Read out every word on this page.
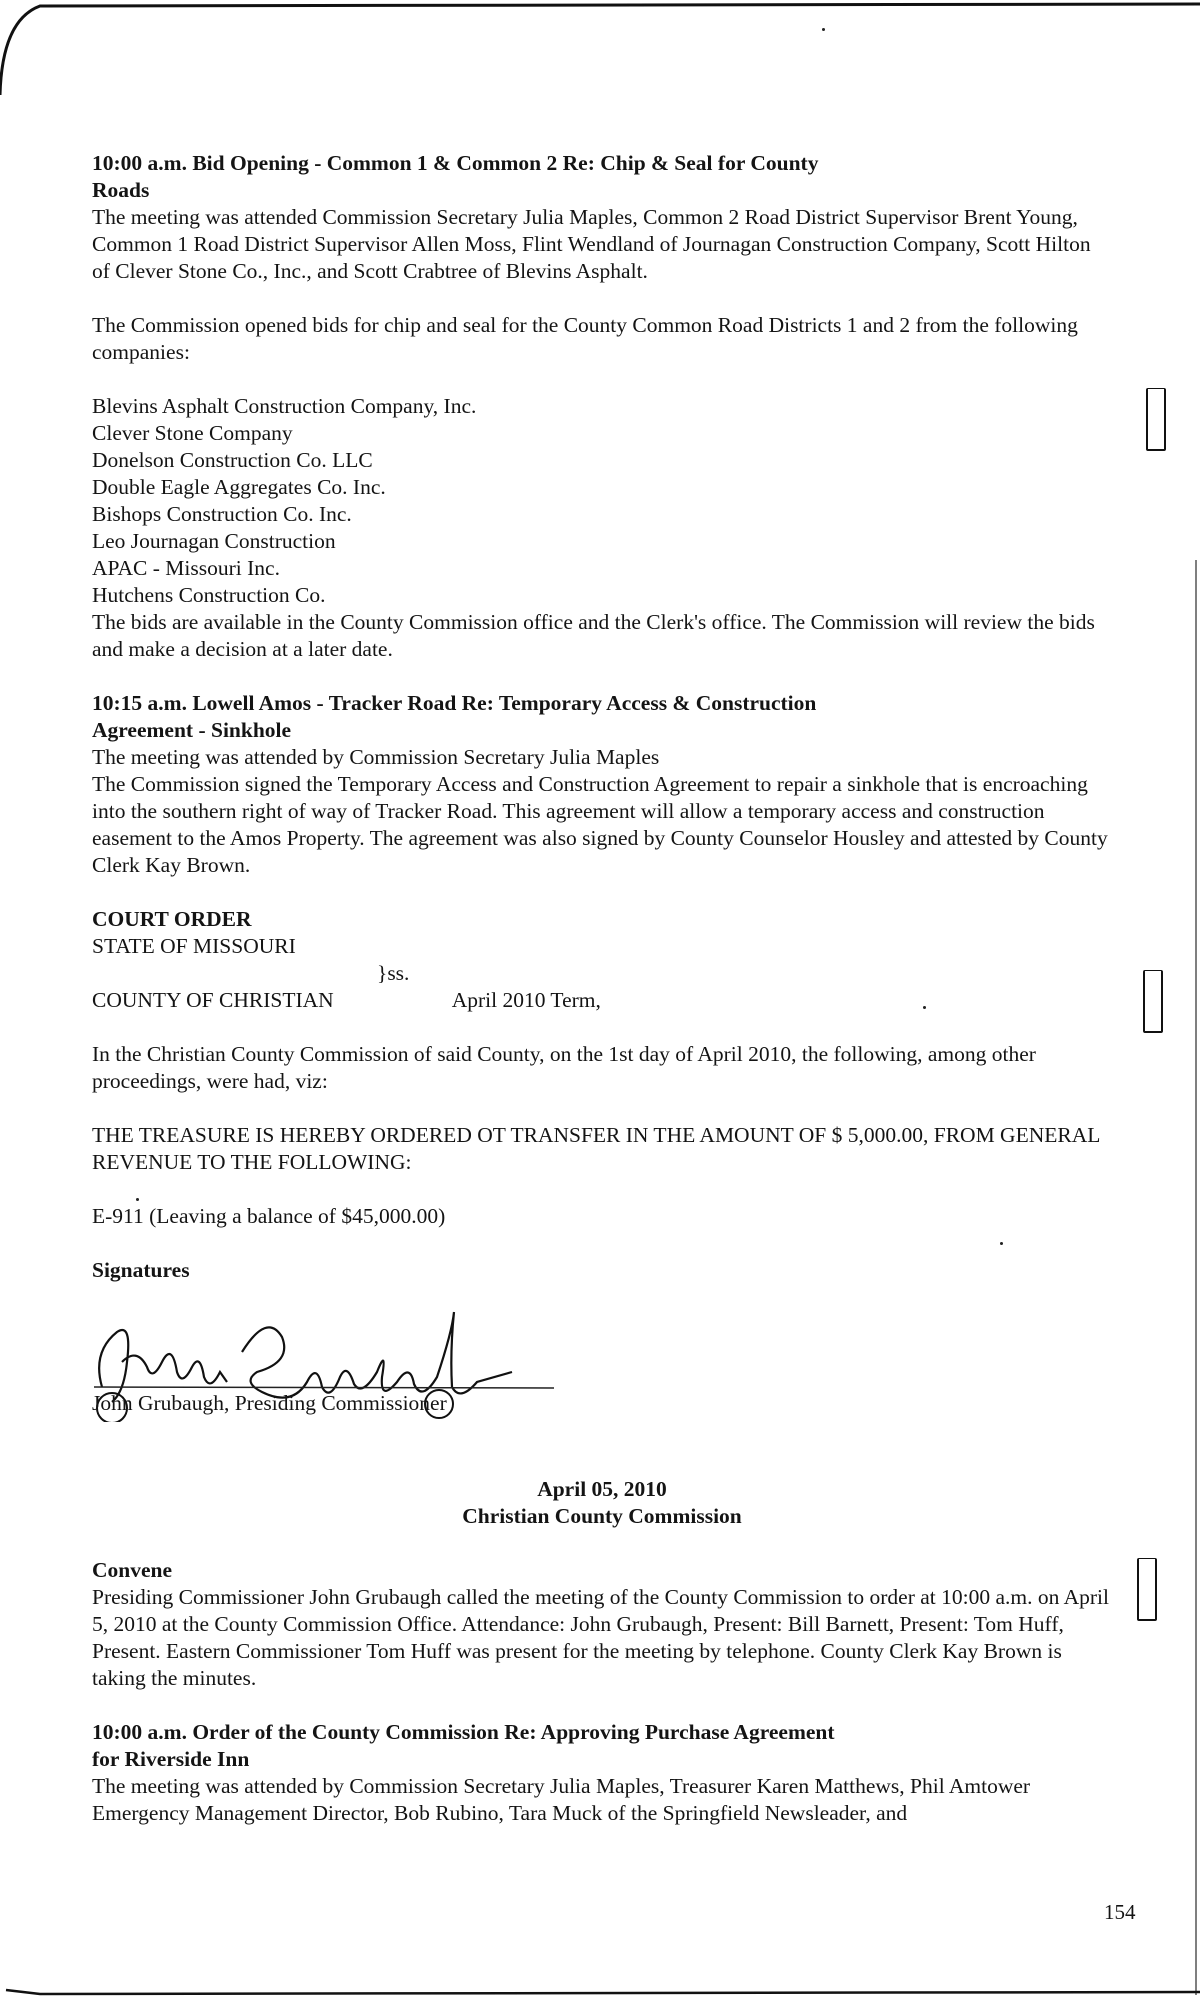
10:00 a.m. Bid Opening - Common 1 & Common 2 Re: Chip & Seal for County

Roads

The meeting was attended Commission Secretary Julia Maples, Common 2 Road District Supervisor Brent Young, Common 1 Road District Supervisor Allen Moss, Flint Wendland of Journagan Construction Company, Scott Hilton of Clever Stone Co., Inc., and Scott Crabtree of Blevins Asphalt.

The Commission opened bids for chip and seal for the County Common Road Districts 1 and 2 from the following companies:

Blevins Asphalt Construction Company, Inc.
Clever Stone Company
Donelson Construction Co. LLC
Double Eagle Aggregates Co. Inc.
Bishops Construction Co. Inc.
Leo Journagan Construction
APAC - Missouri Inc.
Hutchens Construction Co.

The bids are available in the County Commission office and the Clerk's office. The Commission will review the bids and make a decision at a later date.

10:15 a.m. Lowell Amos - Tracker Road Re: Temporary Access & Construction

Agreement - Sinkhole

The meeting was attended by Commission Secretary Julia Maples

The Commission signed the Temporary Access and Construction Agreement to repair a sinkhole that is encroaching into the southern right of way of Tracker Road. This agreement will allow a temporary access and construction easement to the Amos Property. The agreement was also signed by County Counselor Housley and attested by County Clerk Kay Brown.

COURT ORDER

STATE OF MISSOURI

}ss.

COUNTY OF CHRISTIAN	April 2010 Term,

In the Christian County Commission of said County, on the 1st day of April 2010, the following, among other proceedings, were had, viz:

THE TREASURE IS HEREBY ORDERED OT TRANSFER IN THE AMOUNT OF $ 5,000.00, FROM GENERAL REVENUE TO THE FOLLOWING:

E-911 (Leaving a balance of $45,000.00)

Signatures

John Grubaugh, Presiding Commissioner

April 05, 2010

Christian County Commission

Convene

Presiding Commissioner John Grubaugh called the meeting of the County Commission to order at 10:00 a.m. on April 5, 2010 at the County Commission Office. Attendance: John Grubaugh, Present: Bill Barnett, Present: Tom Huff, Present. Eastern Commissioner Tom Huff was present for the meeting by telephone. County Clerk Kay Brown is taking the minutes.

10:00 a.m. Order of the County Commission Re: Approving Purchase Agreement

for Riverside Inn

The meeting was attended by Commission Secretary Julia Maples, Treasurer Karen Matthews, Phil Amtower Emergency Management Director, Bob Rubino, Tara Muck of the Springfield Newsleader, and

154
